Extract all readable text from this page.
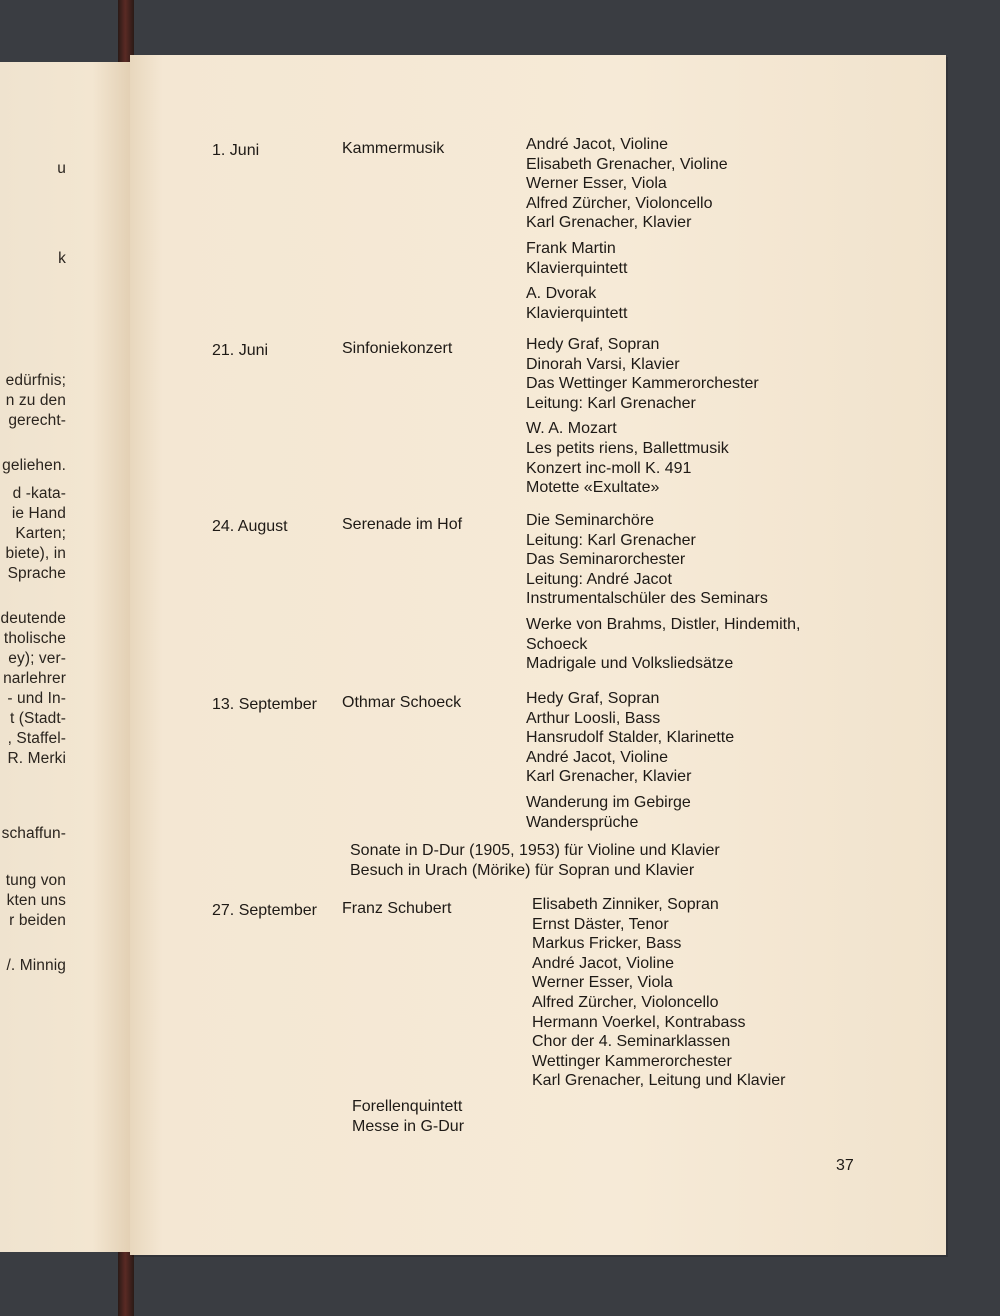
u
k
edürfnis;
n zu den
gerecht-
geliehen.
d -kata-
ie Hand
Karten;
biete), in
Sprache
deutende
tholische
ey); ver-
narlehrer
- und In-
t (Stadt-
, Staffel-
R. Merki
schaffun-
tung von
kten uns
r beiden
/. Minnig
1. Juni	Kammermusik	André Jacot, Violine
Elisabeth Grenacher, Violine
Werner Esser, Viola
Alfred Zürcher, Violoncello
Karl Grenacher, Klavier
Frank Martin
Klavierquintett
A. Dvorak
Klavierquintett
21. Juni	Sinfoniekonzert	Hedy Graf, Sopran
Dinorah Varsi, Klavier
Das Wettinger Kammerorchester
Leitung: Karl Grenacher
W. A. Mozart
Les petits riens, Ballettmusik
Konzert inc-moll K. 491
Motette «Exultate»
24. August	Serenade im Hof	Die Seminarchöre
Leitung: Karl Grenacher
Das Seminarorchester
Leitung: André Jacot
Instrumentalschüler des Seminars
Werke von Brahms, Distler, Hindemith,
Schoeck
Madrigale und Volksliedsätze
13. September Othmar Schoeck	Hedy Graf, Sopran
Arthur Loosli, Bass
Hansrudolf Stalder, Klarinette
André Jacot, Violine
Karl Grenacher, Klavier
Wanderung im Gebirge
Wandersprüche
Sonate in D-Dur (1905, 1953) für Violine und Klavier
Besuch in Urach (Mörike) für Sopran und Klavier
27. September Franz Schubert	Elisabeth Zinniker, Sopran
Ernst Däster, Tenor
Markus Fricker, Bass
André Jacot, Violine
Werner Esser, Viola
Alfred Zürcher, Violoncello
Hermann Voerkel, Kontrabass
Chor der 4. Seminarklassen
Wettinger Kammerorchester
Karl Grenacher, Leitung und Klavier
Forellenquintett
Messe in G-Dur
37
